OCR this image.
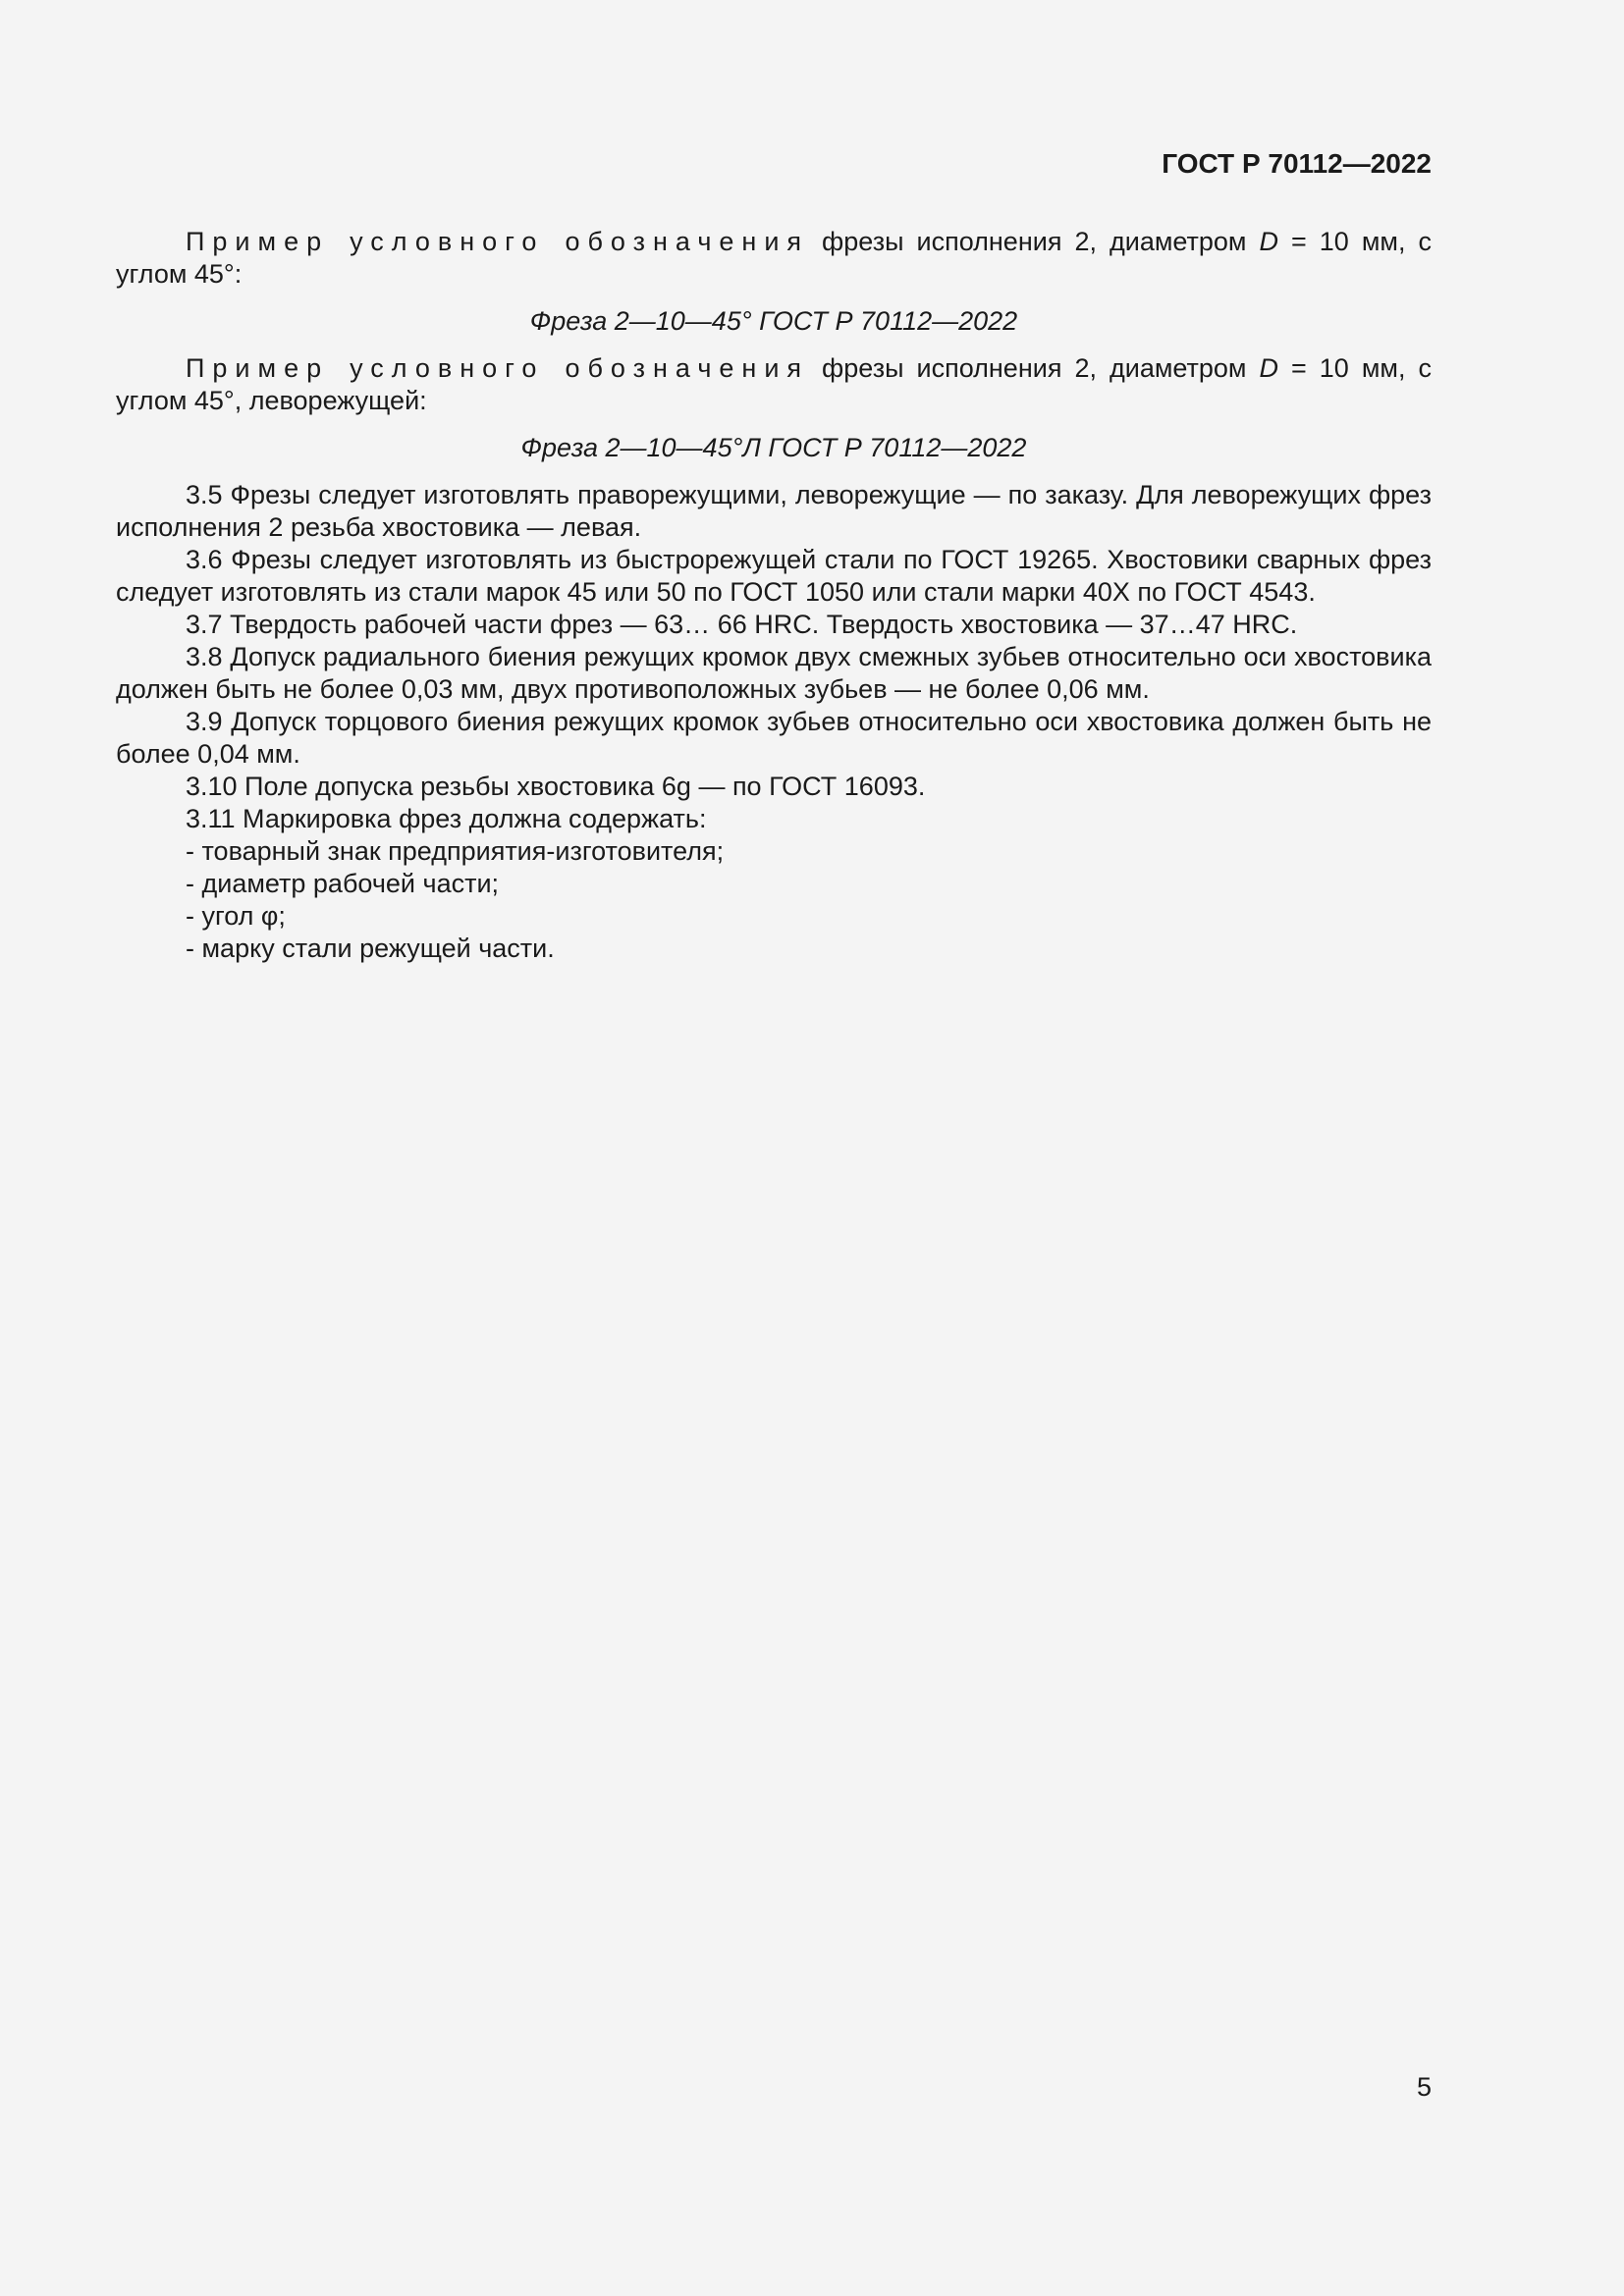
ГОСТ Р 70112—2022

Пример условного обозначения фрезы исполнения 2, диаметром D = 10 мм, с углом 45°:

Фреза 2—10—45° ГОСТ Р 70112—2022

Пример условного обозначения фрезы исполнения 2, диаметром D = 10 мм, с углом 45°, леворежущей:

Фреза 2—10—45°Л ГОСТ Р 70112—2022

3.5 Фрезы следует изготовлять праворежущими, леворежущие — по заказу. Для леворежущих фрез исполнения 2 резьба хвостовика — левая.

3.6 Фрезы следует изготовлять из быстрорежущей стали по ГОСТ 19265. Хвостовики сварных фрез следует изготовлять из стали марок 45 или 50 по ГОСТ 1050 или стали марки 40Х по ГОСТ 4543.

3.7 Твердость рабочей части фрез — 63… 66 HRC. Твердость хвостовика — 37…47 HRC.

3.8 Допуск радиального биения режущих кромок двух смежных зубьев относительно оси хвостовика должен быть не более 0,03 мм, двух противоположных зубьев — не более 0,06 мм.

3.9 Допуск торцового биения режущих кромок зубьев относительно оси хвостовика должен быть не более 0,04 мм.

3.10 Поле допуска резьбы хвостовика 6g — по ГОСТ 16093.

3.11 Маркировка фрез должна содержать:

- товарный знак предприятия-изготовителя;

- диаметр рабочей части;

- угол φ;

- марку стали режущей части.

5
